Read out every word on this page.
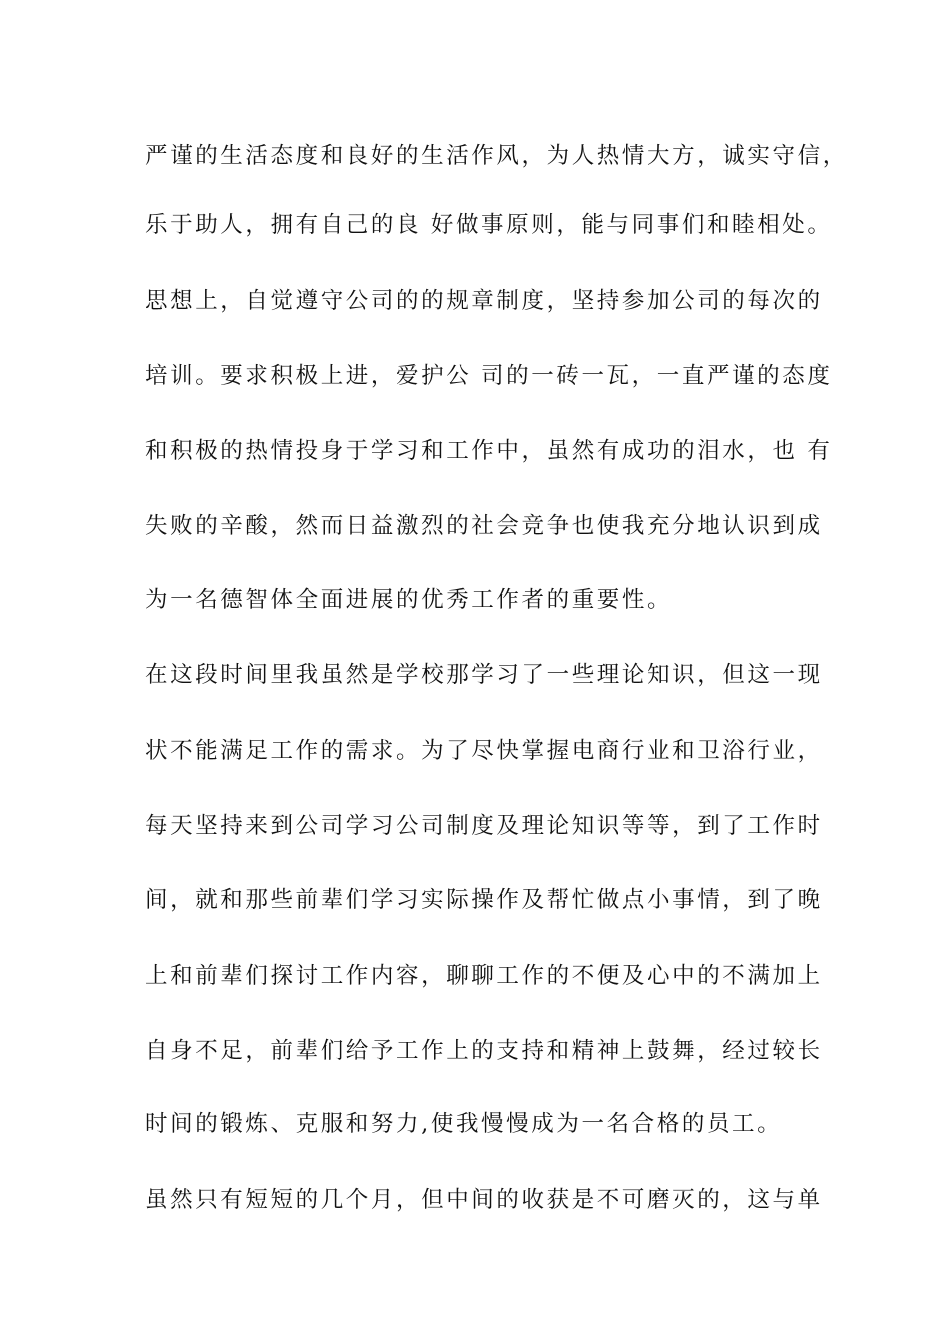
严谨的生活态度和良好的生活作风，为人热情大方，诚实守信，
乐于助人，拥有自己的良 好做事原则，能与同事们和睦相处。
思想上，自觉遵守公司的的规章制度，坚持参加公司的每次的
培训。要求积极上进，爱护公 司的一砖一瓦，一直严谨的态度
和积极的热情投身于学习和工作中，虽然有成功的泪水，也 有
失败的辛酸，然而日益激烈的社会竞争也使我充分地认识到成
为一名德智体全面进展的优秀工作者的重要性。
在这段时间里我虽然是学校那学习了一些理论知识，但这一现
状不能满足工作的需求。为了尽快掌握电商行业和卫浴行业，
每天坚持来到公司学习公司制度及理论知识等等，到了工作时
间，就和那些前辈们学习实际操作及帮忙做点小事情，到了晚
上和前辈们探讨工作内容，聊聊工作的不便及心中的不满加上
自身不足，前辈们给予工作上的支持和精神上鼓舞，经过较长
时间的锻炼、克服和努力,使我慢慢成为一名合格的员工。
虽然只有短短的几个月，但中间的收获是不可磨灭的，这与单
